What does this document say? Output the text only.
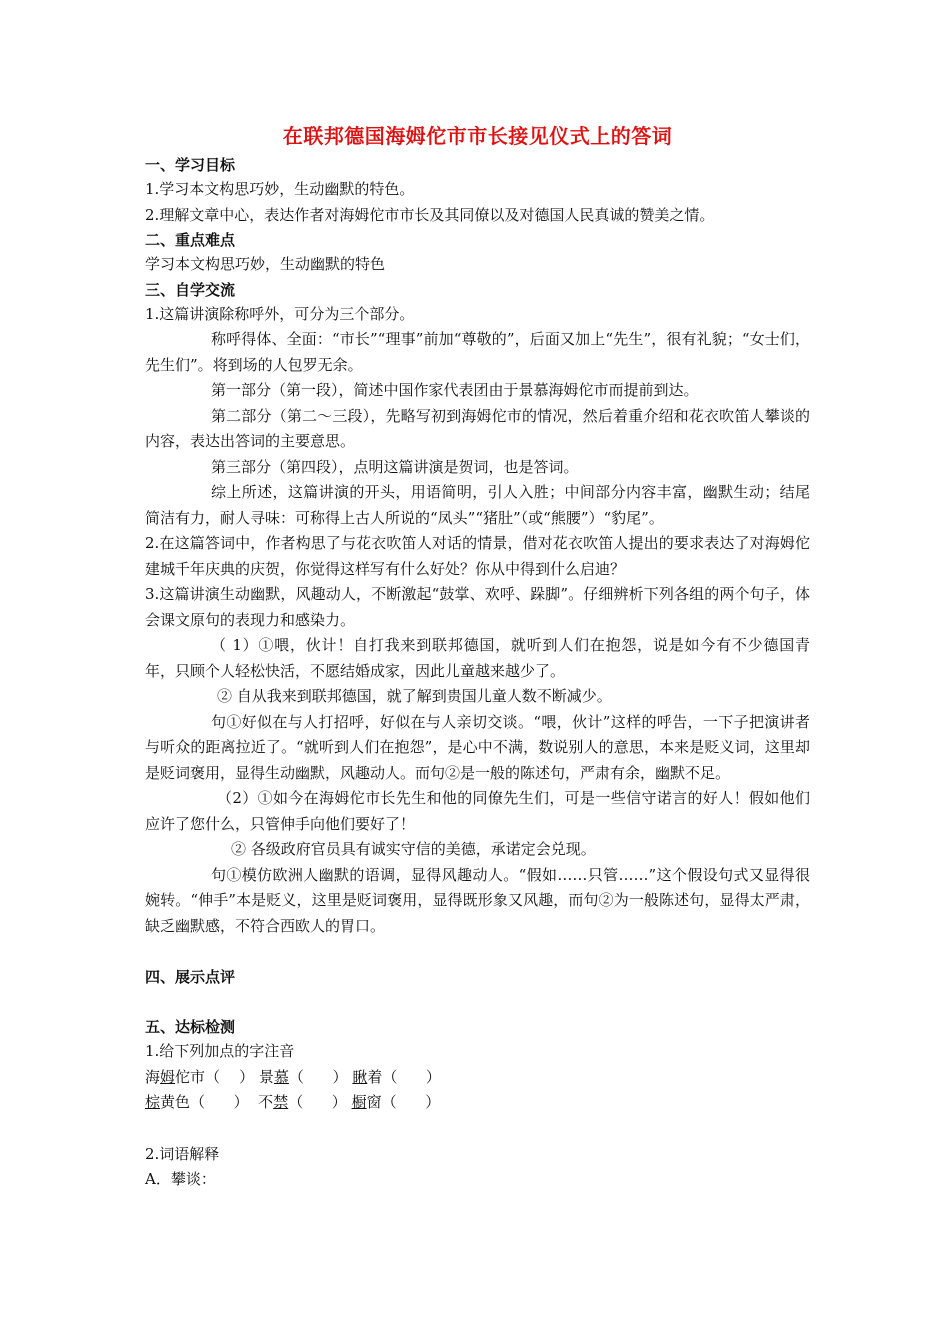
在联邦德国海姆佗市市长接见仪式上的答词
一、学习目标
1.学习本文构思巧妙，生动幽默的特色。
2.理解文章中心，表达作者对海姆佗市市长及其同僚以及对德国人民真诚的赞美之情。
二、重点难点
学习本文构思巧妙，生动幽默的特色
三、自学交流
1.这篇讲演除称呼外，可分为三个部分。
称呼得体、全面：“市长”“理事”前加“尊敬的”，后面又加上“先生”，很有礼貌；“女士们，先生们”。将到场的人包罗无余。
第一部分（第一段），简述中国作家代表团由于景慕海姆佗市而提前到达。
第二部分（第二～三段），先略写初到海姆佗市的情况，然后着重介绍和花衣吹笛人攀谈的内容，表达出答词的主要意思。
第三部分（第四段），点明这篇讲演是贺词，也是答词。
综上所述，这篇讲演的开头，用语简明，引人入胜；中间部分内容丰富，幽默生动；结尾简洁有力，耐人寻味：可称得上古人所说的“凤头”“猪肚”（或“熊腰”）“豹尾”。
2.在这篇答词中，作者构思了与花衣吹笛人对话的情景，借对花衣吹笛人提出的要求表达了对海姆佗建城千年庆典的庆贺，你觉得这样写有什么好处？你从中得到什么启迪？
3.这篇讲演生动幽默，风趣动人，不断激起“鼓掌、欢呼、跺脚”。仔细辨析下列各组的两个句子，体会课文原句的表现力和感染力。
（ 1）①喂，伙计！自打我来到联邦德国，就听到人们在抱怨，说是如今有不少德国青年，只顾个人轻松快活，不愿结婚成家，因此儿童越来越少了。
② 自从我来到联邦德国，就了解到贵国儿童人数不断减少。
句①好似在与人打招呼，好似在与人亲切交谈。“喂，伙计”这样的呼告，一下子把演讲者与听众的距离拉近了。“就听到人们在抱怨”，是心中不满，数说别人的意思，本来是贬义词，这里却是贬词褒用，显得生动幽默，风趣动人。而句②是一般的陈述句，严肃有余，幽默不足。
（2）①如今在海姆佗市长先生和他的同僚先生们，可是一些信守诺言的好人！假如他们应许了您什么，只管伸手向他们要好了！
② 各级政府官员具有诚实守信的美德，承诺定会兑现。
句①模仿欧洲人幽默的语调，显得风趣动人。“假如……只管……”这个假设句式又显得很婉转。“伸手”本是贬义，这里是贬词褒用，显得既形象又风趣，而句②为一般陈述句，显得太严肃，缺乏幽默感，不符合西欧人的胃口。
四、展示点评
五、达标检测
1.给下列加点的字注音
海姆佗市（    ） 景慕（      ） 瞅着（      ）
棕黄色（      ） 不禁（      ） 橱窗（      ）
2.词语解释
A．攀谈：
